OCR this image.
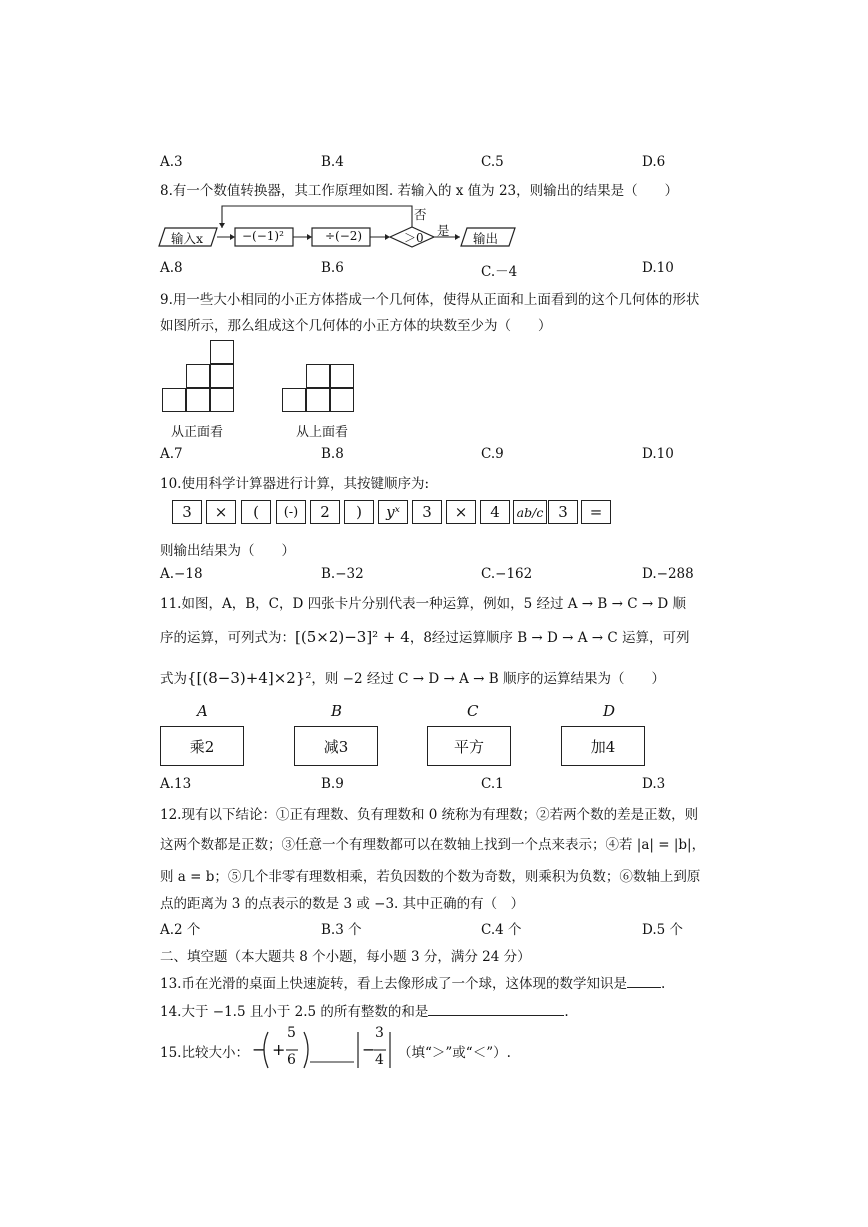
A.3	B.4	C.5	D.6
8.有一个数值转换器，其工作原理如图. 若输入的 x 值为 23，则输出的结果是（　　）
输入x	−(−1)²	÷(−2)	＞0
否
是
输出
A.8	B.6	C.－4	D.10
9.用一些大小相同的小正方体搭成一个几何体，使得从正面和上面看到的这个几何体的形状
如图所示，那么组成这个几何体的小正方体的块数至少为（　　）
从正面看	从上面看
A.7	B.8	C.9	D.10
10.使用科学计算器进行计算，其按键顺序为:
3	×	(	(-)	2	)	yˣ	3	×	4	ab/c 3	=
则输出结果为（　　）
A.−18	B.−32	C.−162	D.−288
11.如图，A，B，C，D 四张卡片分别代表一种运算，例如，5 经过 A → B → C → D 顺
序的运算，可列式为：[(5×2)−3]² + 4，8经过运算顺序 B → D → A → C 运算，可列
式为{[(8−3)+4]×2}²，则 −2 经过 C → D → A → B 顺序的运算结果为（　　）
A	B	C	D
乘2	减3	平方	加4
A.13	B.9	C.1	D.3
12.现有以下结论：①正有理数、负有理数和 0 统称为有理数；②若两个数的差是正数，则
这两个数都是正数；③任意一个有理数都可以在数轴上找到一个点来表示；④若 |a| = |b|，
则 a = b；⑤几个非零有理数相乘，若负因数的个数为奇数，则乘积为负数；⑥数轴上到原
点的距离为 3 的点表示的数是 3 或 −3. 其中正确的有（　）
A.2 个	B.3 个	C.4 个	D.5 个
二、填空题（本大题共 8 个小题，每小题 3 分，满分 24 分）
13.币在光滑的桌面上快速旋转，看上去像形成了一个球，这体现的数学知识是	.
14.大于 −1.5 且小于 2.5 的所有整数的和是	.
15.比较大小： − +	−
5
6
3
4 （填“＞”或“＜”）.
